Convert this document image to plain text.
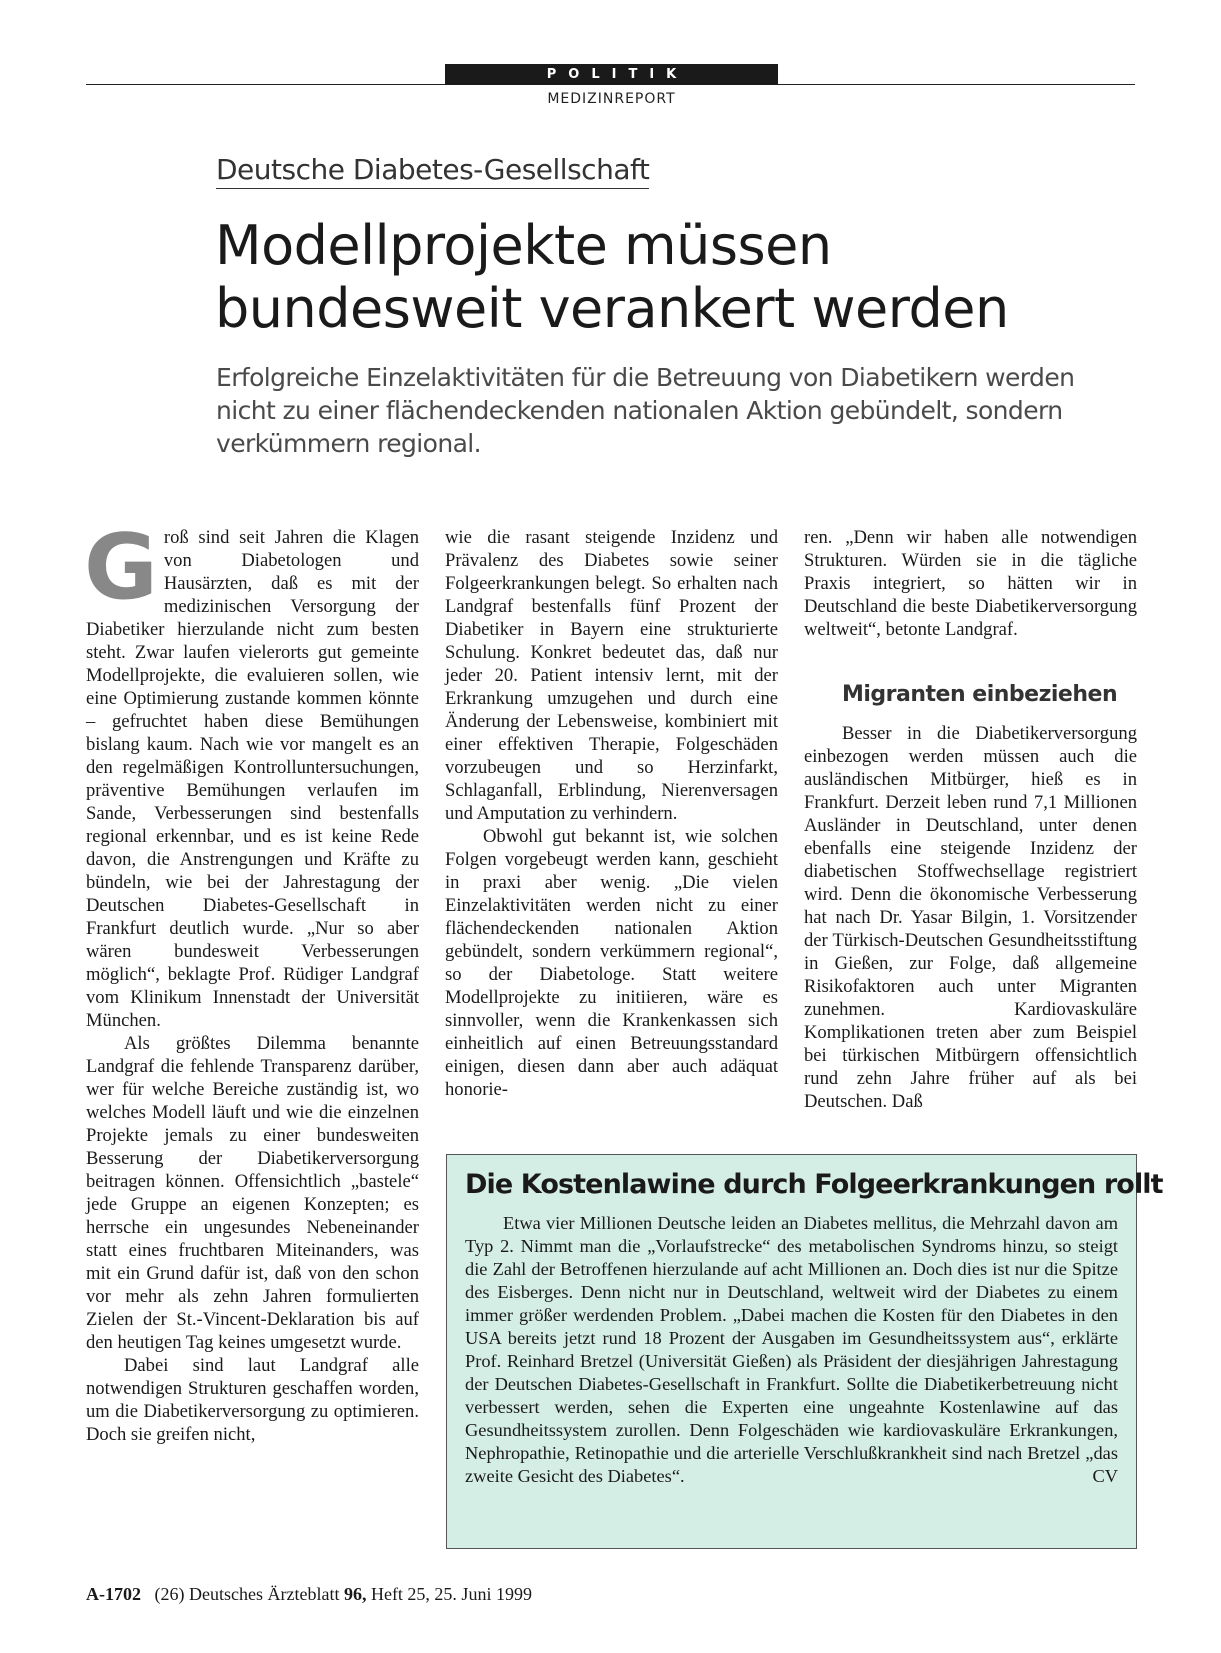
POLITIK
MEDIZINREPORT
Deutsche Diabetes-Gesellschaft
Modellprojekte müssen
bundesweit verankert werden

Erfolgreiche Einzelaktivitäten für die Betreuung von Diabetikern werden nicht zu einer flächendeckenden nationalen Aktion gebündelt, sondern verkümmern regional.

Groß sind seit Jahren die Klagen von Diabetologen und Hausärzten, daß es mit der medizinischen Versorgung der Diabetiker hierzulande nicht zum besten steht. Zwar laufen vielerorts gut gemeinte Modellprojekte, die evaluieren sollen, wie eine Optimierung zustande kommen könnte – gefruchtet haben diese Bemühungen bislang kaum. Nach wie vor mangelt es an den regelmäßigen Kontrolluntersuchungen, präventive Bemühungen verlaufen im Sande, Verbesserungen sind bestenfalls regional erkennbar, und es ist keine Rede davon, die Anstrengungen und Kräfte zu bündeln, wie bei der Jahrestagung der Deutschen Diabetes-Gesellschaft in Frankfurt deutlich wurde. „Nur so aber wären bundesweit Verbesserungen möglich“, beklagte Prof. Rüdiger Landgraf vom Klinikum Innenstadt der Universität München.

Als größtes Dilemma benannte Landgraf die fehlende Transparenz darüber, wer für welche Bereiche zuständig ist, wo welches Modell läuft und wie die einzelnen Projekte jemals zu einer bundesweiten Besserung der Diabetikerversorgung beitragen können. Offensichtlich „bastele“ jede Gruppe an eigenen Konzepten; es herrsche ein ungesundes Nebeneinander statt eines fruchtbaren Miteinanders, was mit ein Grund dafür ist, daß von den schon vor mehr als zehn Jahren formulierten Zielen der St.-Vincent-Deklaration bis auf den heutigen Tag keines umgesetzt wurde.

Dabei sind laut Landgraf alle notwendigen Strukturen geschaffen worden, um die Diabetikerversorgung zu optimieren. Doch sie greifen nicht,

wie die rasant steigende Inzidenz und Prävalenz des Diabetes sowie seiner Folgeerkrankungen belegt. So erhalten nach Landgraf bestenfalls fünf Prozent der Diabetiker in Bayern eine strukturierte Schulung. Konkret bedeutet das, daß nur jeder 20. Patient intensiv lernt, mit der Erkrankung umzugehen und durch eine Änderung der Lebensweise, kombiniert mit einer effektiven Therapie, Folgeschäden vorzubeugen und so Herzinfarkt, Schlaganfall, Erblindung, Nierenversagen und Amputation zu verhindern.

Obwohl gut bekannt ist, wie solchen Folgen vorgebeugt werden kann, geschieht in praxi aber wenig. „Die vielen Einzelaktivitäten werden nicht zu einer flächendeckenden nationalen Aktion gebündelt, sondern verkümmern regional“, so der Diabetologe. Statt weitere Modellprojekte zu initiieren, wäre es sinnvoller, wenn die Krankenkassen sich einheitlich auf einen Betreuungsstandard einigen, diesen dann aber auch adäquat honorie-

ren. „Denn wir haben alle notwendigen Strukturen. Würden sie in die tägliche Praxis integriert, so hätten wir in Deutschland die beste Diabetikerversorgung weltweit“, betonte Landgraf.

Migranten einbeziehen

Besser in die Diabetikerversorgung einbezogen werden müssen auch die ausländischen Mitbürger, hieß es in Frankfurt. Derzeit leben rund 7,1 Millionen Ausländer in Deutschland, unter denen ebenfalls eine steigende Inzidenz der diabetischen Stoffwechsellage registriert wird. Denn die ökonomische Verbesserung hat nach Dr. Yasar Bilgin, 1. Vorsitzender der Türkisch-Deutschen Gesundheitsstiftung in Gießen, zur Folge, daß allgemeine Risikofaktoren auch unter Migranten zunehmen. Kardiovaskuläre Komplikationen treten aber zum Beispiel bei türkischen Mitbürgern offensichtlich rund zehn Jahre früher auf als bei Deutschen. Daß

Die Kostenlawine durch Folgeerkrankungen rollt

Etwa vier Millionen Deutsche leiden an Diabetes mellitus, die Mehrzahl davon am Typ 2. Nimmt man die „Vorlaufstrecke“ des metabolischen Syndroms hinzu, so steigt die Zahl der Betroffenen hierzulande auf acht Millionen an. Doch dies ist nur die Spitze des Eisberges. Denn nicht nur in Deutschland, weltweit wird der Diabetes zu einem immer größer werdenden Problem. „Dabei machen die Kosten für den Diabetes in den USA bereits jetzt rund 18 Prozent der Ausgaben im Gesundheitssystem aus“, erklärte Prof. Reinhard Bretzel (Universität Gießen) als Präsident der diesjährigen Jahrestagung der Deutschen Diabetes-Gesellschaft in Frankfurt. Sollte die Diabetikerbetreuung nicht verbessert werden, sehen die Experten eine ungeahnte Kostenlawine auf das Gesundheitssystem zurollen. Denn Folgeschäden wie kardiovaskuläre Erkrankungen, Nephropathie, Retinopathie und die arterielle Verschlußkrankheit sind nach Bretzel „das zweite Gesicht des Diabetes“.	CV

A-1702 (26) Deutsches Ärzteblatt 96, Heft 25, 25. Juni 1999
